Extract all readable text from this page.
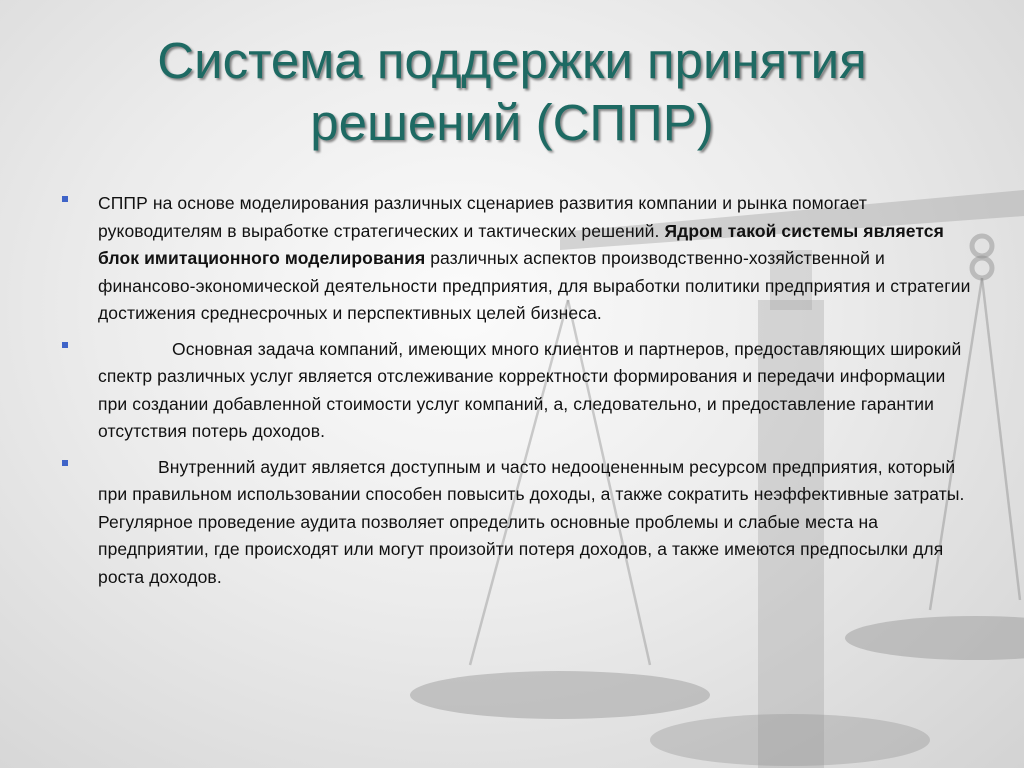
Система поддержки принятия
решений (СППР)
СППР на основе моделирования различных сценариев развития компании и рынка помогает руководителям в выработке стратегических и тактических решений. Ядром такой системы является блок имитационного моделирования различных аспектов производственно-хозяйственной и финансово-экономической деятельности предприятия, для выработки политики предприятия и стратегии достижения среднесрочных и перспективных целей бизнеса.
Основная задача компаний, имеющих много клиентов и партнеров, предоставляющих широкий спектр различных услуг является отслеживание корректности формирования и передачи информации при создании добавленной стоимости услуг компаний, а, следовательно, и предоставление гарантии отсутствия потерь доходов.
Внутренний аудит является доступным и часто недооцененным ресурсом предприятия, который при правильном использовании способен повысить доходы, а также сократить неэффективные затраты. Регулярное проведение аудита позволяет определить основные проблемы и слабые места на предприятии, где происходят или могут произойти потеря доходов, а также имеются предпосылки для роста доходов.
